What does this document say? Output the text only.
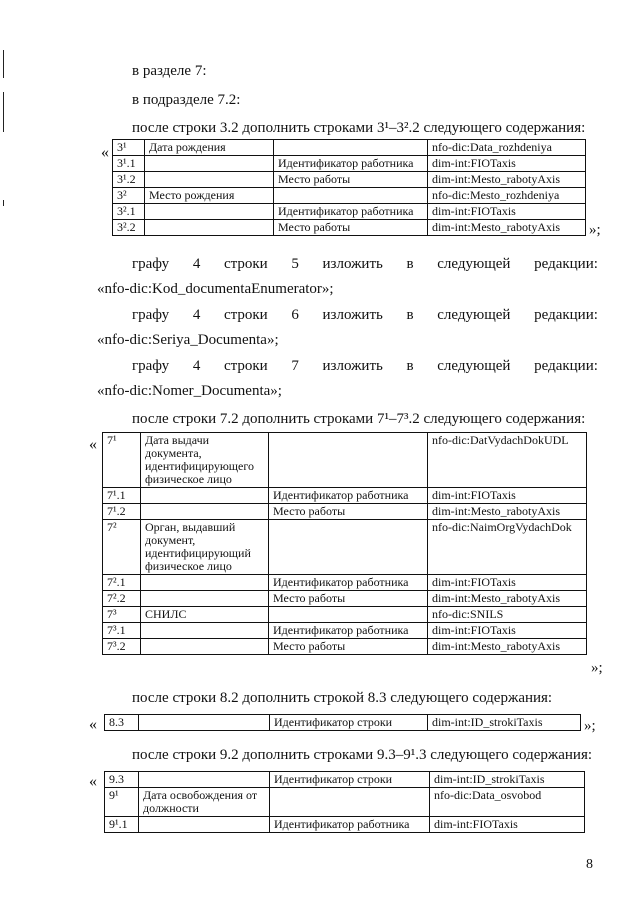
в разделе 7:
в подразделе 7.2:
после строки 3.2 дополнить строками 3¹–3².2 следующего содержания:
« 3¹	Дата рождения		nfo-dic:Data_rozhdeniya
3¹.1		Идентификатор работника	dim-int:FIOTaxis
3¹.2		Место работы	dim-int:Mesto_rabotyAxis
3²	Место рождения		nfo-dic:Mesto_rozhdeniya
3².1		Идентификатор работника	dim-int:FIOTaxis
3².2		Место работы	dim-int:Mesto_rabotyAxis »;
графу 4 строки 5 изложить в следующей редакции:
«nfo-dic:Kod_documentaEnumerator»;
графу 4 строки 6 изложить в следующей редакции:
«nfo-dic:Seriya_Documenta»;
графу 4 строки 7 изложить в следующей редакции:
«nfo-dic:Nomer_Documenta»;
после строки 7.2 дополнить строками 7¹–7³.2 следующего содержания:
« 7¹	Дата выдачи документа, идентифицирующего физическое лицо		nfo-dic:DatVydachDokUDL
7¹.1		Идентификатор работника	dim-int:FIOTaxis
7¹.2		Место работы	dim-int:Mesto_rabotyAxis
7²	Орган, выдавший документ, идентифицирующий физическое лицо		nfo-dic:NaimOrgVydachDok
7².1		Идентификатор работника	dim-int:FIOTaxis
7².2		Место работы	dim-int:Mesto_rabotyAxis
7³	СНИЛС		nfo-dic:SNILS
7³.1		Идентификатор работника	dim-int:FIOTaxis
7³.2		Место работы	dim-int:Mesto_rabotyAxis
»;
после строки 8.2 дополнить строкой 8.3 следующего содержания:
« 8.3		Идентификатор строки	dim-int:ID_strokiTaxis	»;
после строки 9.2 дополнить строками 9.3–9¹.3 следующего содержания:
« 9.3		Идентификатор строки	dim-int:ID_strokiTaxis
9¹	Дата освобождения от должности		nfo-dic:Data_osvobod
9¹.1		Идентификатор работника	dim-int:FIOTaxis
8
